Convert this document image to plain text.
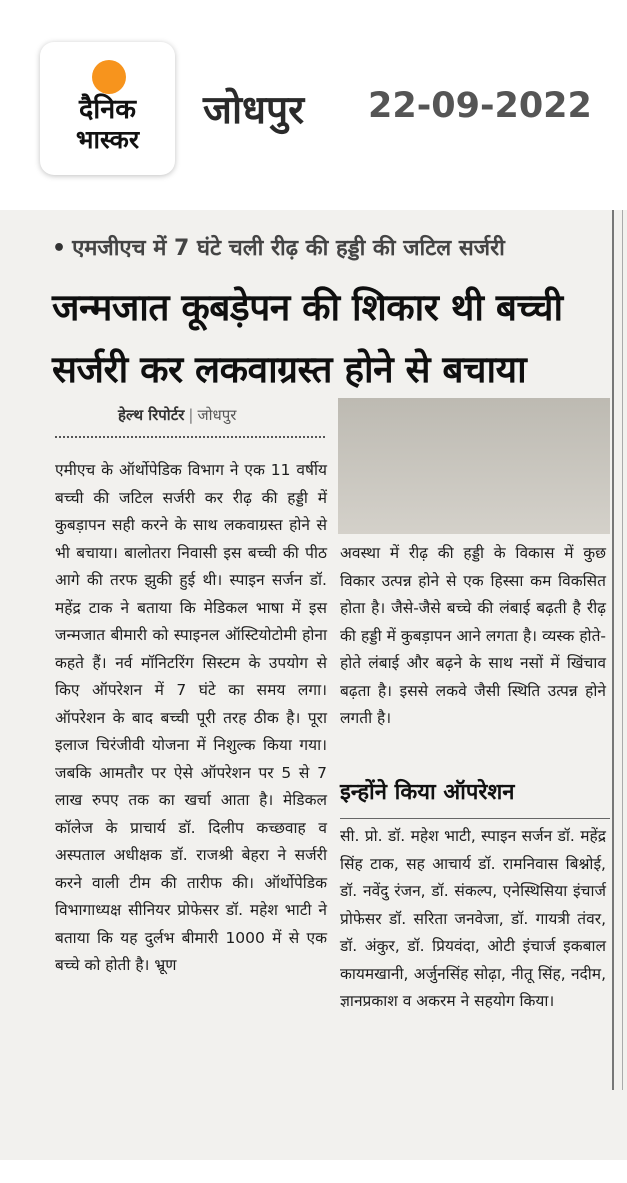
दैनिक
भास्कर
जोधपुर 22-09-2022
• एमजीएच में 7 घंटे चली रीढ़ की हड्डी की जटिल सर्जरी
जन्मजात कूबड़ेपन की शिकार थी बच्ची
सर्जरी कर लकवाग्रस्त होने से बचाया
हेल्थ रिपोर्टर | जोधपुर

एमीएच के ऑर्थोपेडिक विभाग ने एक 11 वर्षीय बच्ची की जटिल सर्जरी कर रीढ़ की हड्डी में कुबड़ापन सही करने के साथ लकवाग्रस्त होने से भी बचाया। बालोतरा निवासी इस बच्ची की पीठ आगे की तरफ झुकी हुई थी। स्पाइन सर्जन डॉ. महेंद्र टाक ने बताया कि मेडिकल भाषा में इस जन्मजात बीमारी को स्पाइनल ऑस्टियोटोमी होना कहते हैं। नर्व मॉनिटरिंग सिस्टम के उपयोग से किए ऑपरेशन में 7 घंटे का समय लगा। ऑपरेशन के बाद बच्ची पूरी तरह ठीक है। पूरा इलाज चिरंजीवी योजना में निशुल्क किया गया। जबकि आमतौर पर ऐसे ऑपरेशन पर 5 से 7 लाख रुपए तक का खर्चा आता है। मेडिकल कॉलेज के प्राचार्य डॉ. दिलीप कच्छवाह व अस्पताल अधीक्षक डॉ. राजश्री बेहरा ने सर्जरी करने वाली टीम की तारीफ की। ऑर्थोपेडिक विभागाध्यक्ष सीनियर प्रोफेसर डॉ. महेश भाटी ने बताया कि यह दुर्लभ बीमारी 1000 में से एक बच्चे को होती है। भ्रूण

अवस्था में रीढ़ की हड्डी के विकास में कुछ विकार उत्पन्न होने से एक हिस्सा कम विकसित होता है। जैसे-जैसे बच्चे की लंबाई बढ़ती है रीढ़ की हड्डी में कुबड़ापन आने लगता है। व्यस्क होते-होते लंबाई और बढ़ने के साथ नसों में खिंचाव बढ़ता है। इससे लकवे जैसी स्थिति उत्पन्न होने लगती है।

इन्होंने किया ऑपरेशन

सी. प्रो. डॉ. महेश भाटी, स्पाइन सर्जन डॉ. महेंद्र सिंह टाक, सह आचार्य डॉ. रामनिवास बिश्नोई, डॉ. नवेंदु रंजन, डॉ. संकल्प, एनेस्थिसिया इंचार्ज प्रोफेसर डॉ. सरिता जनवेजा, डॉ. गायत्री तंवर, डॉ. अंकुर, डॉ. प्रियवंदा, ओटी इंचार्ज इकबाल कायमखानी, अर्जुनसिंह सोढ़ा, नीतू सिंह, नदीम, ज्ञानप्रकाश व अकरम ने सहयोग किया।
